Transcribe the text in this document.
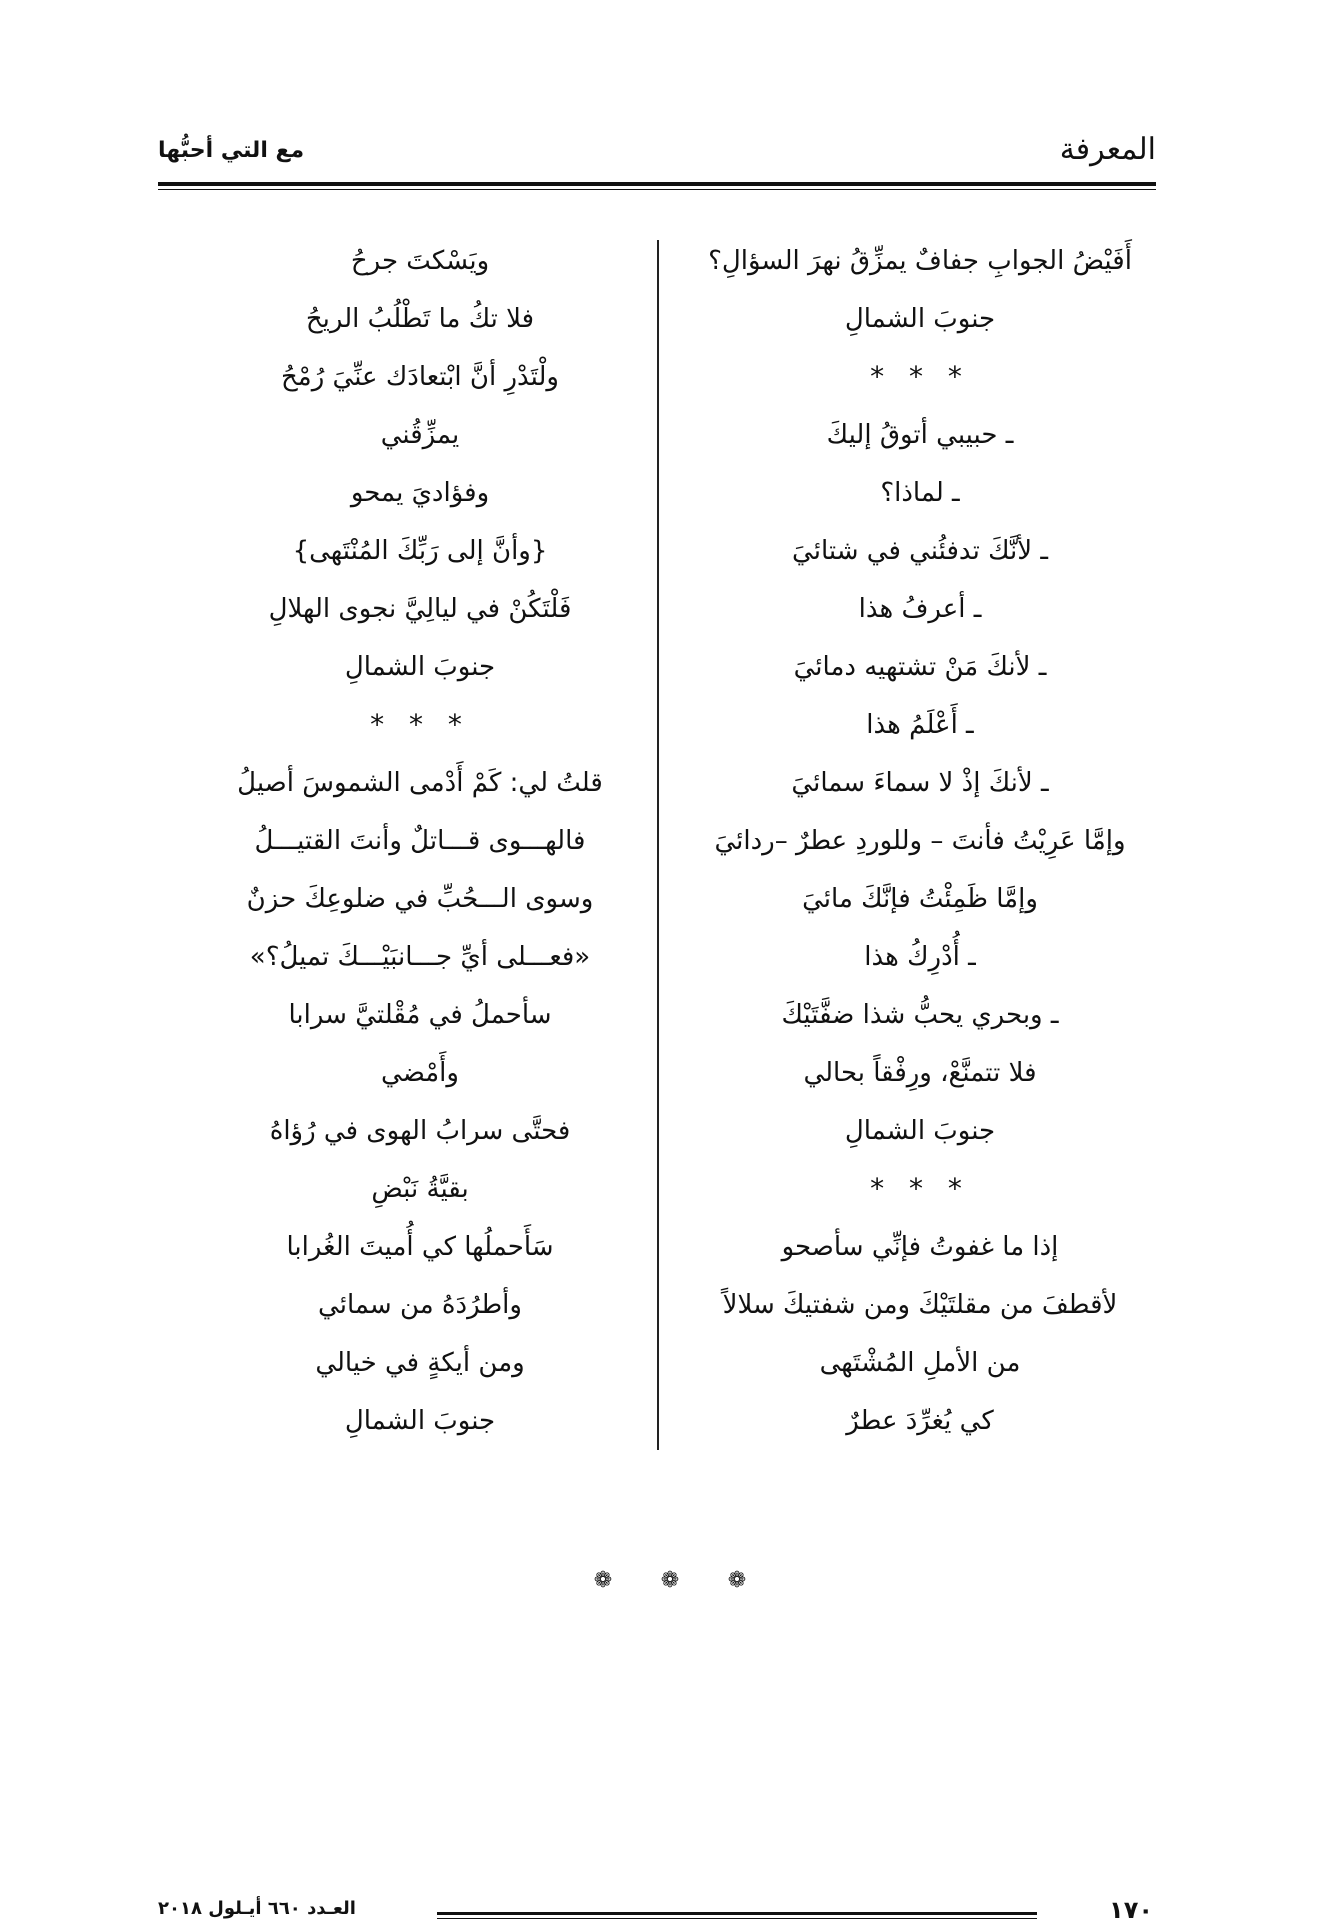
المعرفة
مع التي أحبُّها
أَفَيْضُ الجوابِ جفافٌ يمزِّقُ نهرَ السؤالِ؟
جنوبَ الشمالِ
* * *
ـ حبيبي أتوقُ إليكَ
ـ لماذا؟
ـ لأنَّكَ تدفئُني في شتائيَ
ـ أعرفُ هذا
ـ لأنكَ مَنْ تشتهيه دمائيَ
ـ أَعْلَمُ هذا
ـ لأنكَ إذْ لا سماءَ سمائيَ
وإمَّا عَرِيْتُ فأنتَ – وللوردِ عطرٌ –ردائيَ
وإمَّا ظَمِئْتُ فإنَّكَ مائيَ
ـ أُدْرِكُ هذا
ـ وبحري يحبُّ شذا ضفَّتَيْكَ
فلا تتمنَّعْ، ورِفْقاً بحالي
جنوبَ الشمالِ
* * *
إذا ما غفوتُ فإنِّي سأصحو
لأقطفَ من مقلتَيْكَ ومن شفتيكَ سلالاً
من الأملِ المُشْتَهى
كي يُغرِّدَ عطرٌ
ويَسْكتَ جرحُ
فلا تكُ ما تَطْلُبُ الريحُ
ولْتَدْرِ أنَّ ابْتعادَك عنِّيَ رُمْحُ
يمزِّقُني
وفؤاديَ يمحو
{وأنَّ إلى رَبِّكَ المُنْتَهى}
فَلْتَكُنْ في ليالِيَّ نجوى الهلالِ
جنوبَ الشمالِ
* * *
قلتُ لي: كَمْ أَدْمى الشموسَ أصيلُ
فالهـــوى قـــاتلٌ وأنتَ القتيـــلُ
وسوى الـــحُبِّ في ضلوعِكَ حزنٌ
«فعـــلى أيِّ جـــانبَيْـــكَ تميلُ؟»
سأحملُ في مُقْلتيَّ سرابا
وأَمْضي
فحتَّى سرابُ الهوى في رُؤاهُ
بقيَّةُ نَبْضِ
سَأَحملُها كي أُميتَ الغُرابا
وأطرُدَهُ من سمائي
ومن أيكةٍ في خيالي
جنوبَ الشمالِ
❁ ❁ ❁
١٧٠
العـدد ٦٦٠ أيـلول ٢٠١٨
